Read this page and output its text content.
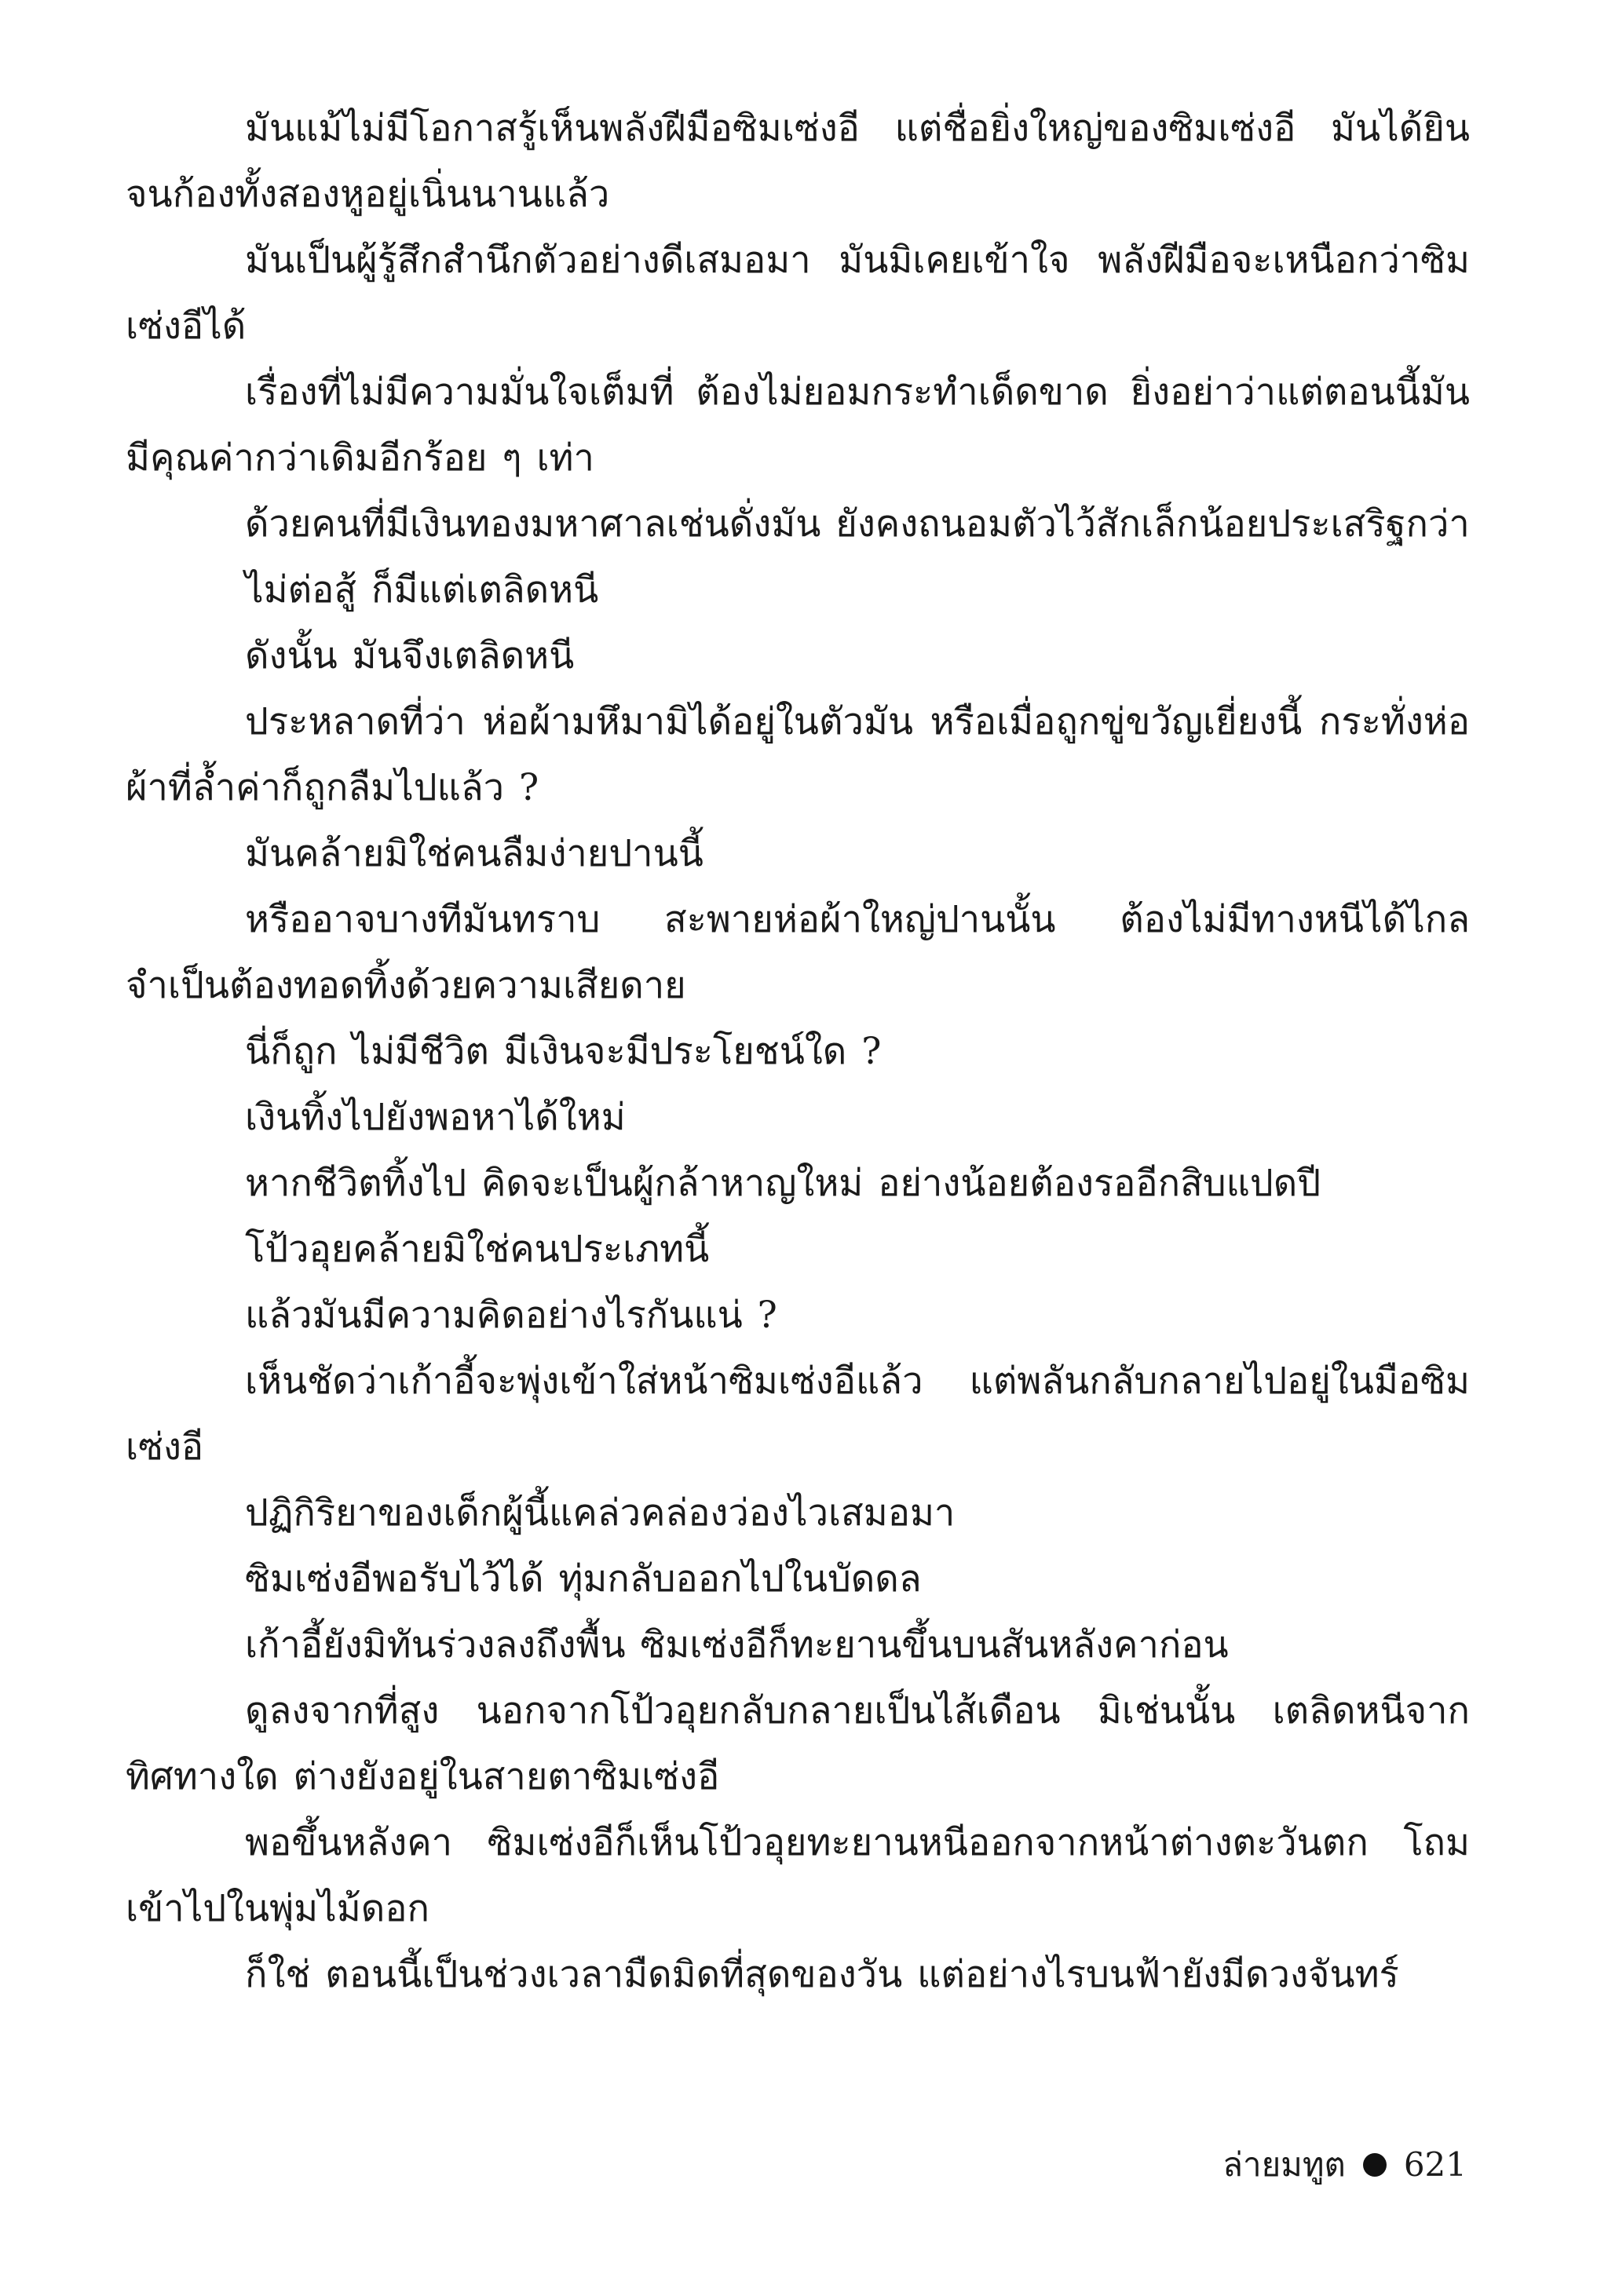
มันแม้ไม่มีโอกาสรู้เห็นพลังฝีมือซิมเซ่งอี แต่ชื่อยิ่งใหญ่ของซิมเซ่งอี มันได้ยินจนก้องทั้งสองหูอยู่เนิ่นนานแล้ว

มันเป็นผู้รู้สึกสำนึกตัวอย่างดีเสมอมา มันมิเคยเข้าใจ พลังฝีมือจะเหนือกว่าซิมเซ่งอีได้

เรื่องที่ไม่มีความมั่นใจเต็มที่ ต้องไม่ยอมกระทำเด็ดขาด ยิ่งอย่าว่าแต่ตอนนี้มันมีคุณค่ากว่าเดิมอีกร้อย ๆ เท่า

ด้วยคนที่มีเงินทองมหาศาลเช่นดั่งมัน ยังคงถนอมตัวไว้สักเล็กน้อยประเสริฐกว่า

ไม่ต่อสู้ ก็มีแต่เตลิดหนี

ดังนั้น มันจึงเตลิดหนี

ประหลาดที่ว่า ห่อผ้ามหึมามิได้อยู่ในตัวมัน หรือเมื่อถูกขู่ขวัญเยี่ยงนี้ กระทั่งห่อผ้าที่ล้ำค่าก็ถูกลืมไปแล้ว ?

มันคล้ายมิใช่คนลืมง่ายปานนี้

หรืออาจบางทีมันทราบ สะพายห่อผ้าใหญ่ปานนั้น ต้องไม่มีทางหนีได้ไกล จำเป็นต้องทอดทิ้งด้วยความเสียดาย

นี่ก็ถูก ไม่มีชีวิต มีเงินจะมีประโยชน์ใด ?

เงินทิ้งไปยังพอหาได้ใหม่

หากชีวิตทิ้งไป คิดจะเป็นผู้กล้าหาญใหม่ อย่างน้อยต้องรออีกสิบแปดปี

โป้วอุยคล้ายมิใช่คนประเภทนี้

แล้วมันมีความคิดอย่างไรกันแน่ ?

เห็นชัดว่าเก้าอี้จะพุ่งเข้าใส่หน้าซิมเซ่งอีแล้ว แต่พลันกลับกลายไปอยู่ในมือซิมเซ่งอี

ปฏิกิริยาของเด็กผู้นี้แคล่วคล่องว่องไวเสมอมา

ซิมเซ่งอีพอรับไว้ได้ ทุ่มกลับออกไปในบัดดล

เก้าอี้ยังมิทันร่วงลงถึงพื้น ซิมเซ่งอีก็ทะยานขึ้นบนสันหลังคาก่อน

ดูลงจากที่สูง นอกจากโป้วอุยกลับกลายเป็นไส้เดือน มิเช่นนั้น เตลิดหนีจากทิศทางใด ต่างยังอยู่ในสายตาซิมเซ่งอี

พอขึ้นหลังคา ซิมเซ่งอีก็เห็นโป้วอุยทะยานหนีออกจากหน้าต่างตะวันตก โถมเข้าไปในพุ่มไม้ดอก

ก็ใช่ ตอนนี้เป็นช่วงเวลามืดมิดที่สุดของวัน แต่อย่างไรบนฟ้ายังมีดวงจันทร์

ล่ายมทูต 621
